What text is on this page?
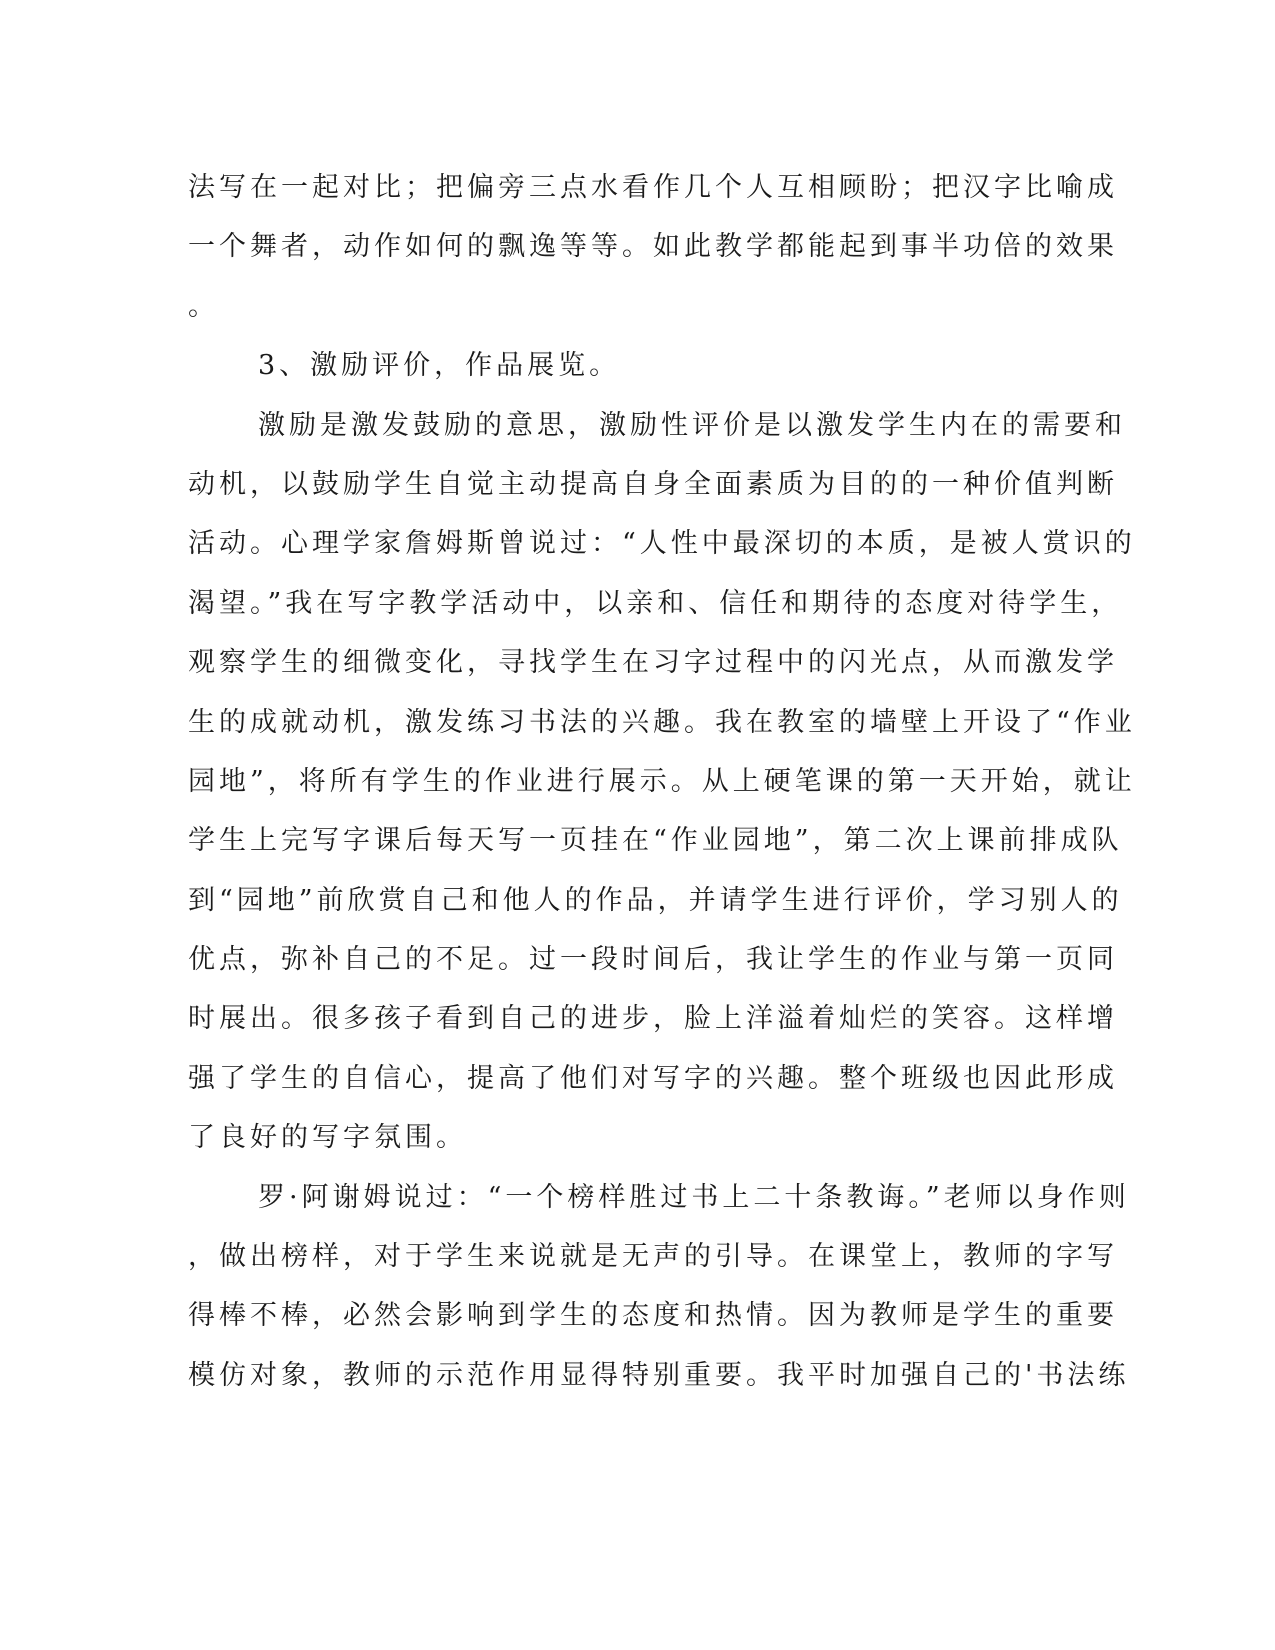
法写在一起对比；把偏旁三点水看作几个人互相顾盼；把汉字比喻成
一个舞者，动作如何的飘逸等等。如此教学都能起到事半功倍的效果
。
3、激励评价，作品展览。
激励是激发鼓励的意思，激励性评价是以激发学生内在的需要和
动机，以鼓励学生自觉主动提高自身全面素质为目的的一种价值判断
活动。心理学家詹姆斯曾说过：“人性中最深切的本质，是被人赏识的
渴望。”我在写字教学活动中，以亲和、信任和期待的态度对待学生，
观察学生的细微变化，寻找学生在习字过程中的闪光点，从而激发学
生的成就动机，激发练习书法的兴趣。我在教室的墙壁上开设了“作业
园地”，将所有学生的作业进行展示。从上硬笔课的第一天开始，就让
学生上完写字课后每天写一页挂在“作业园地”，第二次上课前排成队
到“园地”前欣赏自己和他人的作品，并请学生进行评价，学习别人的
优点，弥补自己的不足。过一段时间后，我让学生的作业与第一页同
时展出。很多孩子看到自己的进步，脸上洋溢着灿烂的笑容。这样增
强了学生的自信心，提高了他们对写字的兴趣。整个班级也因此形成
了良好的写字氛围。
罗·阿谢姆说过：“一个榜样胜过书上二十条教诲。”老师以身作则
，做出榜样，对于学生来说就是无声的引导。在课堂上，教师的字写
得棒不棒，必然会影响到学生的态度和热情。因为教师是学生的重要
模仿对象，教师的示范作用显得特别重要。我平时加强自己的'书法练
